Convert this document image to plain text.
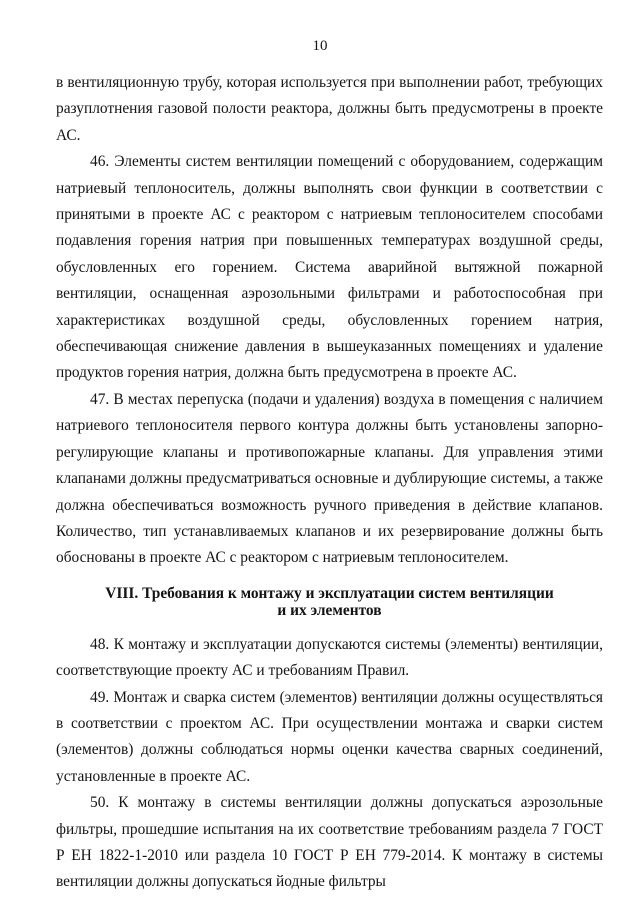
10

в вентиляционную трубу, которая используется при выполнении работ, требующих разуплотнения газовой полости реактора, должны быть предусмотрены в проекте АС.

46. Элементы систем вентиляции помещений с оборудованием, содержащим натриевый теплоноситель, должны выполнять свои функции в соответствии с принятыми в проекте АС с реактором с натриевым теплоносителем способами подавления горения натрия при повышенных температурах воздушной среды, обусловленных его горением. Система аварийной вытяжной пожарной вентиляции, оснащенная аэрозольными фильтрами и работоспособная при характеристиках воздушной среды, обусловленных горением натрия, обеспечивающая снижение давления в вышеуказанных помещениях и удаление продуктов горения натрия, должна быть предусмотрена в проекте АС.

47. В местах перепуска (подачи и удаления) воздуха в помещения с наличием натриевого теплоносителя первого контура должны быть установлены запорно-регулирующие клапаны и противопожарные клапаны. Для управления этими клапанами должны предусматриваться основные и дублирующие системы, а также должна обеспечиваться возможность ручного приведения в действие клапанов. Количество, тип устанавливаемых клапанов и их резервирование должны быть обоснованы в проекте АС с реактором с натриевым теплоносителем.

VIII. Требования к монтажу и эксплуатации систем вентиляции
и их элементов

48. К монтажу и эксплуатации допускаются системы (элементы) вентиляции, соответствующие проекту АС и требованиям Правил.

49. Монтаж и сварка систем (элементов) вентиляции должны осуществляться в соответствии с проектом АС. При осуществлении монтажа и сварки систем (элементов) должны соблюдаться нормы оценки качества сварных соединений, установленные в проекте АС.

50. К монтажу в системы вентиляции должны допускаться аэрозольные фильтры, прошедшие испытания на их соответствие требованиям раздела 7 ГОСТ Р ЕН 1822-1-2010 или раздела 10 ГОСТ Р ЕН 779-2014. К монтажу в системы вентиляции должны допускаться йодные фильтры
